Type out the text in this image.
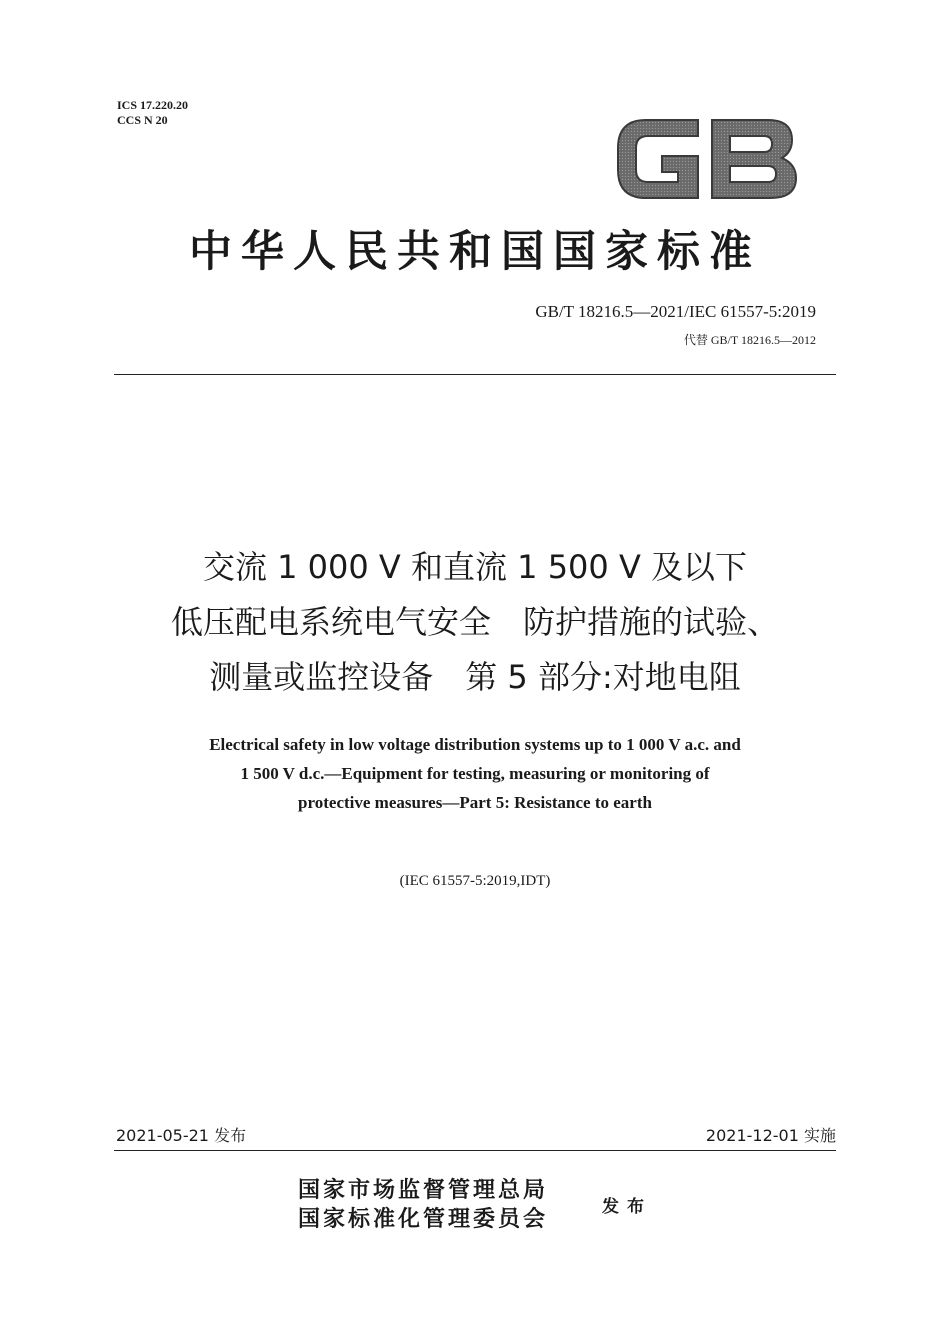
ICS 17.220.20
CCS N 20
中华人民共和国国家标准
GB/T 18216.5—2021/IEC 61557-5:2019
代替 GB/T 18216.5—2012
交流 1 000 V 和直流 1 500 V 及以下
低压配电系统电气安全　防护措施的试验、
测量或监控设备　第 5 部分:对地电阻
Electrical safety in low voltage distribution systems up to 1 000 V a.c. and
1 500 V d.c.—Equipment for testing, measuring or monitoring of
protective measures—Part 5: Resistance to earth
(IEC 61557-5:2019,IDT)
2021-05-21 发布	2021-12-01 实施
国家市场监督管理总局
国家标准化管理委员会	发布
